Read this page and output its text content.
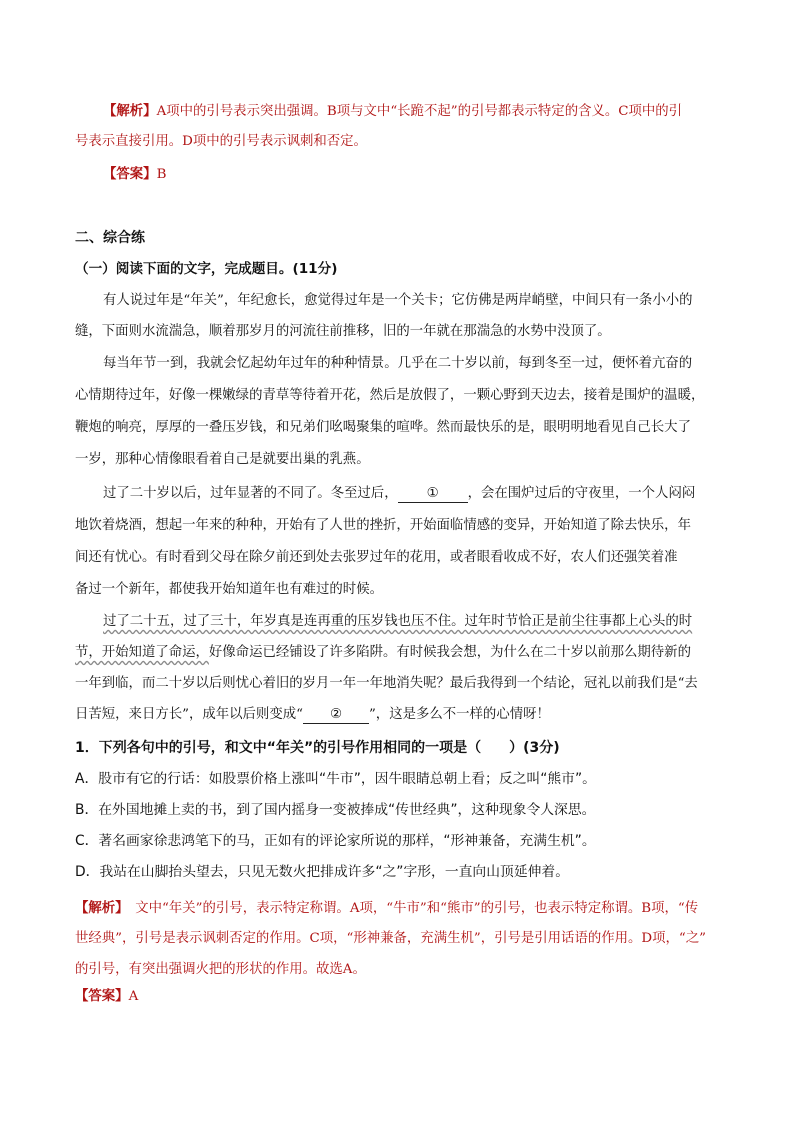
【解析】A项中的引号表示突出强调。B项与文中“长跪不起”的引号都表示特定的含义。C项中的引
号表示直接引用。D项中的引号表示讽刺和否定。
【答案】B
二、综合练
（一）阅读下面的文字，完成题目。(11分)
有人说过年是“年关”，年纪愈长，愈觉得过年是一个关卡；它仿佛是两岸峭壁，中间只有一条小小的
缝，下面则水流湍急，顺着那岁月的河流往前推移，旧的一年就在那湍急的水势中没顶了。
每当年节一到，我就会忆起幼年过年的种种情景。几乎在二十岁以前，每到冬至一过，便怀着亢奋的
心情期待过年，好像一棵嫩绿的青草等待着开花，然后是放假了，一颗心野到天边去，接着是围炉的温暖，
鞭炮的响亮，厚厚的一叠压岁钱，和兄弟们吆喝聚集的喧哗。然而最快乐的是，眼明明地看见自己长大了
一岁，那种心情像眼看着自己是就要出巢的乳燕。
过了二十岁以后，过年显著的不同了。冬至过后， ① ，会在围炉过后的守夜里，一个人闷闷
地饮着烧酒，想起一年来的种种，开始有了人世的挫折，开始面临情感的变异，开始知道了除去快乐，年
间还有忧心。有时看到父母在除夕前还到处去张罗过年的花用，或者眼看收成不好，农人们还强笑着准
备过一个新年，都使我开始知道年也有难过的时候。
过了二十五，过了三十，年岁真是连再重的压岁钱也压不住。过年时节恰正是前尘往事都上心头的时
节，开始知道了命运，好像命运已经铺设了许多陷阱。有时候我会想，为什么在二十岁以前那么期待新的
一年到临，而二十岁以后则忧心着旧的岁月一年一年地消失呢？最后我得到一个结论，冠礼以前我们是“去
日苦短，来日方长”，成年以后则变成“ ② ”，这是多么不一样的心情呀！
1．下列各句中的引号，和文中“年关”的引号作用相同的一项是（　　）(3分)
A．股市有它的行话：如股票价格上涨叫“牛市”，因牛眼睛总朝上看；反之叫“熊市”。
B．在外国地摊上卖的书，到了国内摇身一变被捧成“传世经典”，这种现象令人深思。
C．著名画家徐悲鸿笔下的马，正如有的评论家所说的那样，“形神兼备，充满生机”。
D．我站在山脚抬头望去，只见无数火把排成许多“之”字形，一直向山顶延伸着。
【解析】　文中“年关”的引号，表示特定称谓。A项，“牛市”和“熊市”的引号，也表示特定称谓。B项，“传
世经典”，引号是表示讽刺否定的作用。C项，“形神兼备，充满生机”，引号是引用话语的作用。D项，“之”
的引号，有突出强调火把的形状的作用。故选A。
【答案】A
